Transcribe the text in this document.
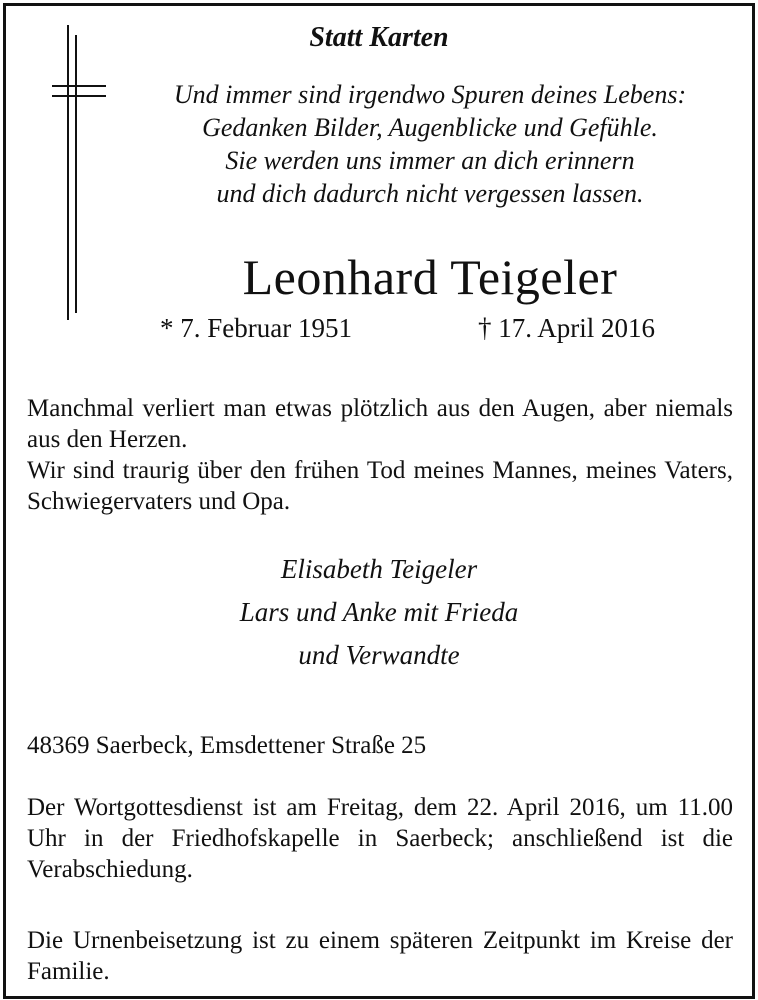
Statt Karten
Und immer sind irgendwo Spuren deines Lebens:
Gedanken Bilder, Augenblicke und Gefühle.
Sie werden uns immer an dich erinnern
und dich dadurch nicht vergessen lassen.
Leonhard Teigeler
* 7. Februar 1951	† 17. April 2016
Manchmal verliert man etwas plötzlich aus den Augen, aber niemals aus den Herzen.
Wir sind traurig über den frühen Tod meines Mannes, meines Vaters, Schwiegervaters und Opa.
Elisabeth Teigeler
Lars und Anke mit Frieda
und Verwandte
48369 Saerbeck, Emsdettener Straße 25
Der Wortgottesdienst ist am Freitag, dem 22. April 2016, um 11.00 Uhr in der Friedhofskapelle in Saerbeck; anschließend ist die Verabschiedung.
Die Urnenbeisetzung ist zu einem späteren Zeitpunkt im Kreise der Familie.
